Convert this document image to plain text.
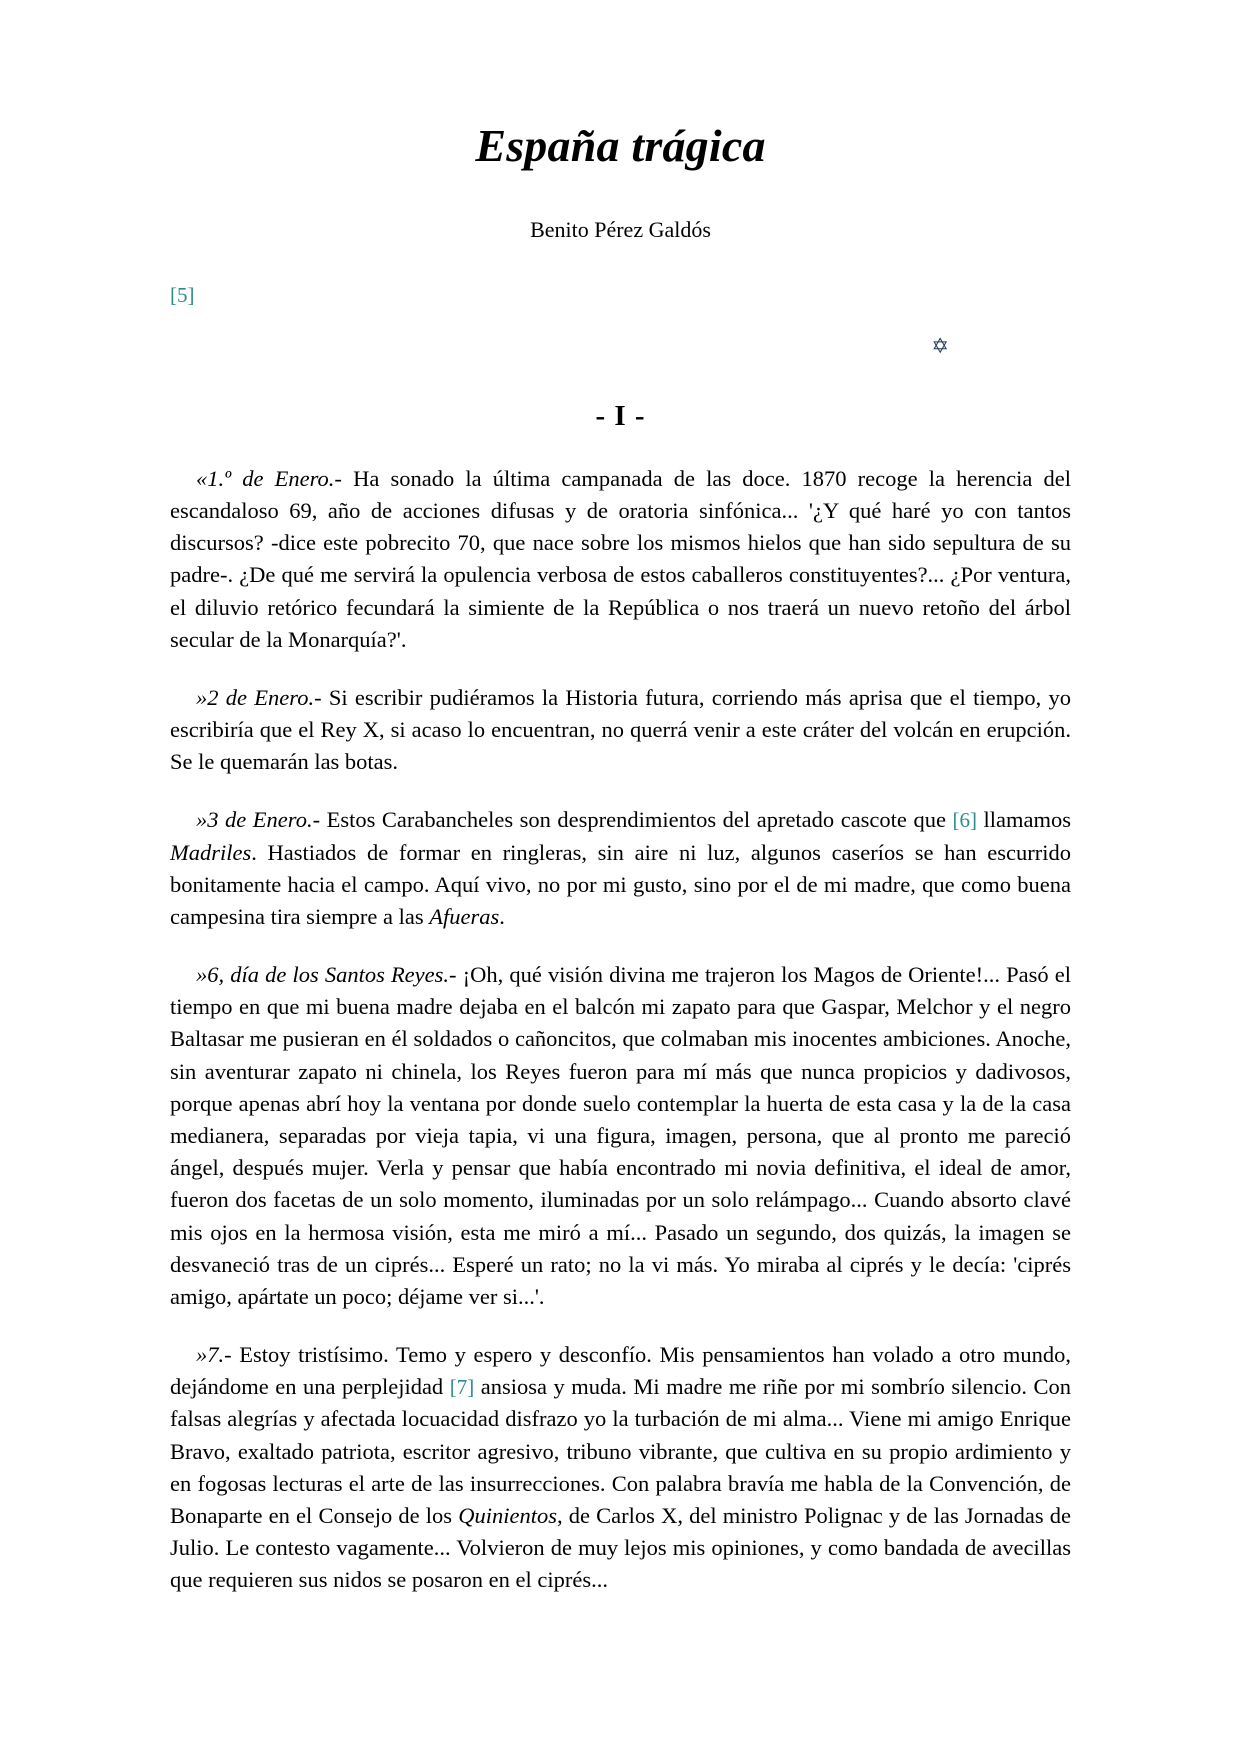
España trágica
Benito Pérez Galdós
[5]
✡
- I -

«1.º de Enero.- Ha sonado la última campanada de las doce. 1870 recoge la herencia del escandaloso 69, año de acciones difusas y de oratoria sinfónica... '¿Y qué haré yo con tantos discursos? -dice este pobrecito 70, que nace sobre los mismos hielos que han sido sepultura de su padre-. ¿De qué me servirá la opulencia verbosa de estos caballeros constituyentes?... ¿Por ventura, el diluvio retórico fecundará la simiente de la República o nos traerá un nuevo retoño del árbol secular de la Monarquía?'.

»2 de Enero.- Si escribir pudiéramos la Historia futura, corriendo más aprisa que el tiempo, yo escribiría que el Rey X, si acaso lo encuentran, no querrá venir a este cráter del volcán en erupción. Se le quemarán las botas.

»3 de Enero.- Estos Carabancheles son desprendimientos del apretado cascote que [6] llamamos Madriles. Hastiados de formar en ringleras, sin aire ni luz, algunos caseríos se han escurrido bonitamente hacia el campo. Aquí vivo, no por mi gusto, sino por el de mi madre, que como buena campesina tira siempre a las Afueras.

»6, día de los Santos Reyes.- ¡Oh, qué visión divina me trajeron los Magos de Oriente!... Pasó el tiempo en que mi buena madre dejaba en el balcón mi zapato para que Gaspar, Melchor y el negro Baltasar me pusieran en él soldados o cañoncitos, que colmaban mis inocentes ambiciones. Anoche, sin aventurar zapato ni chinela, los Reyes fueron para mí más que nunca propicios y dadivosos, porque apenas abrí hoy la ventana por donde suelo contemplar la huerta de esta casa y la de la casa medianera, separadas por vieja tapia, vi una figura, imagen, persona, que al pronto me pareció ángel, después mujer. Verla y pensar que había encontrado mi novia definitiva, el ideal de amor, fueron dos facetas de un solo momento, iluminadas por un solo relámpago... Cuando absorto clavé mis ojos en la hermosa visión, esta me miró a mí... Pasado un segundo, dos quizás, la imagen se desvaneció tras de un ciprés... Esperé un rato; no la vi más. Yo miraba al ciprés y le decía: 'ciprés amigo, apártate un poco; déjame ver si...'.

»7.- Estoy tristísimo. Temo y espero y desconfío. Mis pensamientos han volado a otro mundo, dejándome en una perplejidad [7] ansiosa y muda. Mi madre me riñe por mi sombrío silencio. Con falsas alegrías y afectada locuacidad disfrazo yo la turbación de mi alma... Viene mi amigo Enrique Bravo, exaltado patriota, escritor agresivo, tribuno vibrante, que cultiva en su propio ardimiento y en fogosas lecturas el arte de las insurrecciones. Con palabra bravía me habla de la Convención, de Bonaparte en el Consejo de los Quinientos, de Carlos X, del ministro Polignac y de las Jornadas de Julio. Le contesto vagamente... Volvieron de muy lejos mis opiniones, y como bandada de avecillas que requieren sus nidos se posaron en el ciprés...
